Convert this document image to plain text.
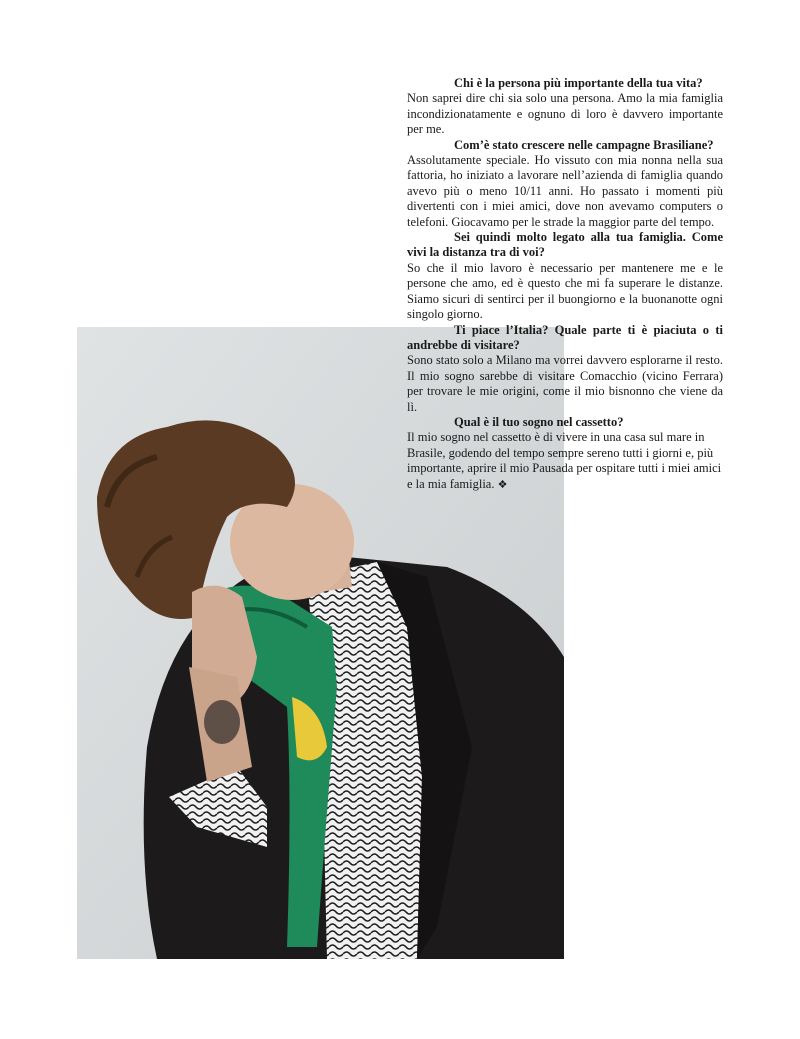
Chi è la persona più importante della tua vita?

Non saprei dire chi sia solo una persona. Amo la mia famiglia incondizionatamente e ognuno di loro è davvero importante per me.

Com’è stato crescere nelle campagne Brasiliane?

Assolutamente speciale. Ho vissuto con mia nonna nella sua fattoria, ho iniziato a lavorare nell’azienda di famiglia quando avevo più o meno 10/11 anni. Ho passato i momenti più divertenti con i miei amici, dove non avevamo computers o telefoni. Giocavamo per le strade la maggior parte del tempo.

Sei quindi molto legato alla tua famiglia. Come vivi la distanza tra di voi?

So che il mio lavoro è necessario per mantenere me e le persone che amo, ed è questo che mi fa superare le distanze. Siamo sicuri di sentirci per il buongiorno e la buonanotte ogni singolo giorno.

Ti piace l’Italia? Quale parte ti è piaciuta o ti andrebbe di visitare?

Sono stato solo a Milano ma vorrei davvero esplorarne il resto. Il mio sogno sarebbe di visitare Comacchio (vicino Ferrara) per trovare le mie origini, come il mio bisnonno che viene da lì.

Qual è il tuo sogno nel cassetto?

Il mio sogno nel cassetto è di vivere in una casa sul mare in Brasile, godendo del tempo sempre sereno tutti i giorni e, più importante, aprire il mio Pausada per ospitare tutti i miei amici e la mia famiglia. ❖
